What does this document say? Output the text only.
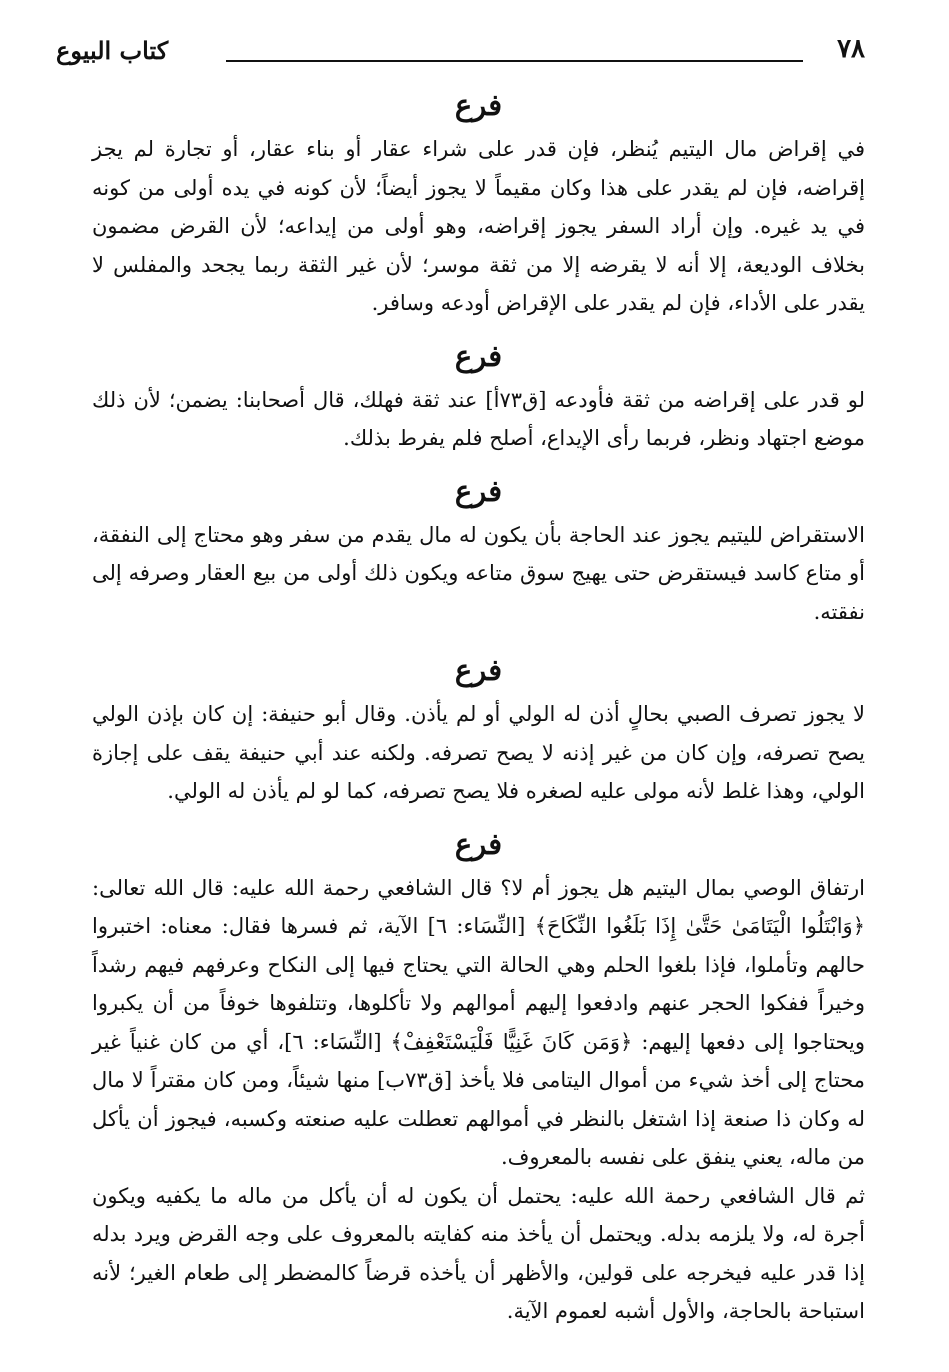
٧٨
كتاب البيوع
فرع

في إقراض مال اليتيم يُنظر، فإن قدر على شراء عقار أو بناء عقار، أو تجارة لم يجز إقراضه، فإن لم يقدر على هذا وكان مقيماً لا يجوز أيضاً؛ لأن كونه في يده أولى من كونه في يد غيره. وإن أراد السفر يجوز إقراضه، وهو أولى من إيداعه؛ لأن القرض مضمون بخلاف الوديعة، إلا أنه لا يقرضه إلا من ثقة موسر؛ لأن غير الثقة ربما يجحد والمفلس لا يقدر على الأداء، فإن لم يقدر على الإقراض أودعه وسافر.

فرع

لو قدر على إقراضه من ثقة فأودعه [ق٧٣أ] عند ثقة فهلك، قال أصحابنا: يضمن؛ لأن ذلك موضع اجتهاد ونظر، فربما رأى الإيداع، أصلح فلم يفرط بذلك.

فرع

الاستقراض لليتيم يجوز عند الحاجة بأن يكون له مال يقدم من سفر وهو محتاج إلى النفقة، أو متاع كاسد فيستقرض حتى يهيج سوق متاعه ويكون ذلك أولى من بيع العقار وصرفه إلى نفقته.

فرع

لا يجوز تصرف الصبي بحالٍ أذن له الولي أو لم يأذن. وقال أبو حنيفة: إن كان بإذن الولي يصح تصرفه، وإن كان من غير إذنه لا يصح تصرفه. ولكنه عند أبي حنيفة يقف على إجازة الولي، وهذا غلط لأنه مولى عليه لصغره فلا يصح تصرفه، كما لو لم يأذن له الولي.

فرع

ارتفاق الوصي بمال اليتيم هل يجوز أم لا؟ قال الشافعي رحمة الله عليه: قال الله تعالى: ﴿وَابْتَلُوا الْيَتَامَىٰ حَتَّىٰ إِذَا بَلَغُوا النِّكَاحَ﴾ [النِّسَاء: ٦] الآية، ثم فسرها فقال: معناه: اختبروا حالهم وتأملوا، فإذا بلغوا الحلم وهي الحالة التي يحتاج فيها إلى النكاح وعرفهم فيهم رشداً وخيراً ففكوا الحجر عنهم وادفعوا إليهم أموالهم ولا تأكلوها، وتتلفوها خوفاً من أن يكبروا ويحتاجوا إلى دفعها إليهم: ﴿وَمَن كَانَ غَنِيًّا فَلْيَسْتَعْفِفْ﴾ [النِّسَاء: ٦]، أي من كان غنياً غير محتاج إلى أخذ شيء من أموال اليتامى فلا يأخذ [ق٧٣ب] منها شيئاً، ومن كان مقتراً لا مال له وكان ذا صنعة إذا اشتغل بالنظر في أموالهم تعطلت عليه صنعته وكسبه، فيجوز أن يأكل من ماله، يعني ينفق على نفسه بالمعروف.

ثم قال الشافعي رحمة الله عليه: يحتمل أن يكون له أن يأكل من ماله ما يكفيه ويكون أجرة له، ولا يلزمه بدله. ويحتمل أن يأخذ منه كفايته بالمعروف على وجه القرض ويرد بدله إذا قدر عليه فيخرجه على قولين، والأظهر أن يأخذه قرضاً كالمضطر إلى طعام الغير؛ لأنه استباحة بالحاجة، والأول أشبه لعموم الآية.
